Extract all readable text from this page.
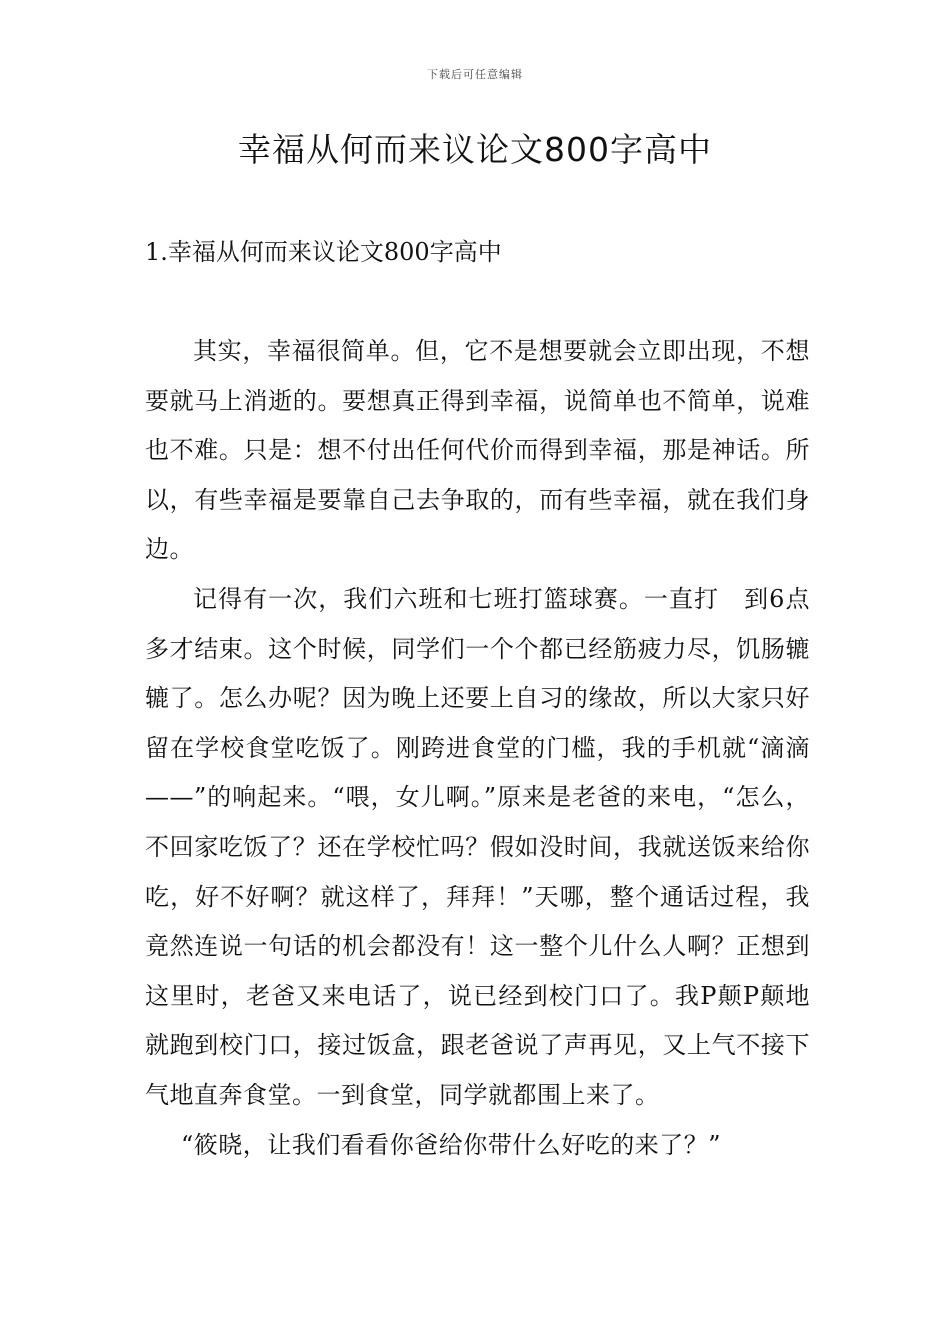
下载后可任意编辑
幸福从何而来议论文800字高中
1.幸福从何而来议论文800字高中

其实，幸福很简单。但，它不是想要就会立即出现，不想要就马上消逝的。要想真正得到幸福，说简单也不简单，说难也不难。只是：想不付出任何代价而得到幸福，那是神话。所以，有些幸福是要靠自己去争取的，而有些幸福，就在我们身边。

记得有一次，我们六班和七班打篮球赛。一直打　到6点多才结束。这个时候，同学们一个个都已经筋疲力尽，饥肠辘辘了。怎么办呢？因为晚上还要上自习的缘故，所以大家只好留在学校食堂吃饭了。刚跨进食堂的门槛，我的手机就“滴滴——”的响起来。“喂，女儿啊。”原来是老爸的来电，“怎么，不回家吃饭了？还在学校忙吗？假如没时间，我就送饭来给你吃，好不好啊？就这样了，拜拜！”天哪，整个通话过程，我竟然连说一句话的机会都没有！这一整个儿什么人啊？正想到这里时，老爸又来电话了，说已经到校门口了。我P颠P颠地就跑到校门口，接过饭盒，跟老爸说了声再见，又上气不接下气地直奔食堂。一到食堂，同学就都围上来了。

“筱晓，让我们看看你爸给你带什么好吃的来了？”
